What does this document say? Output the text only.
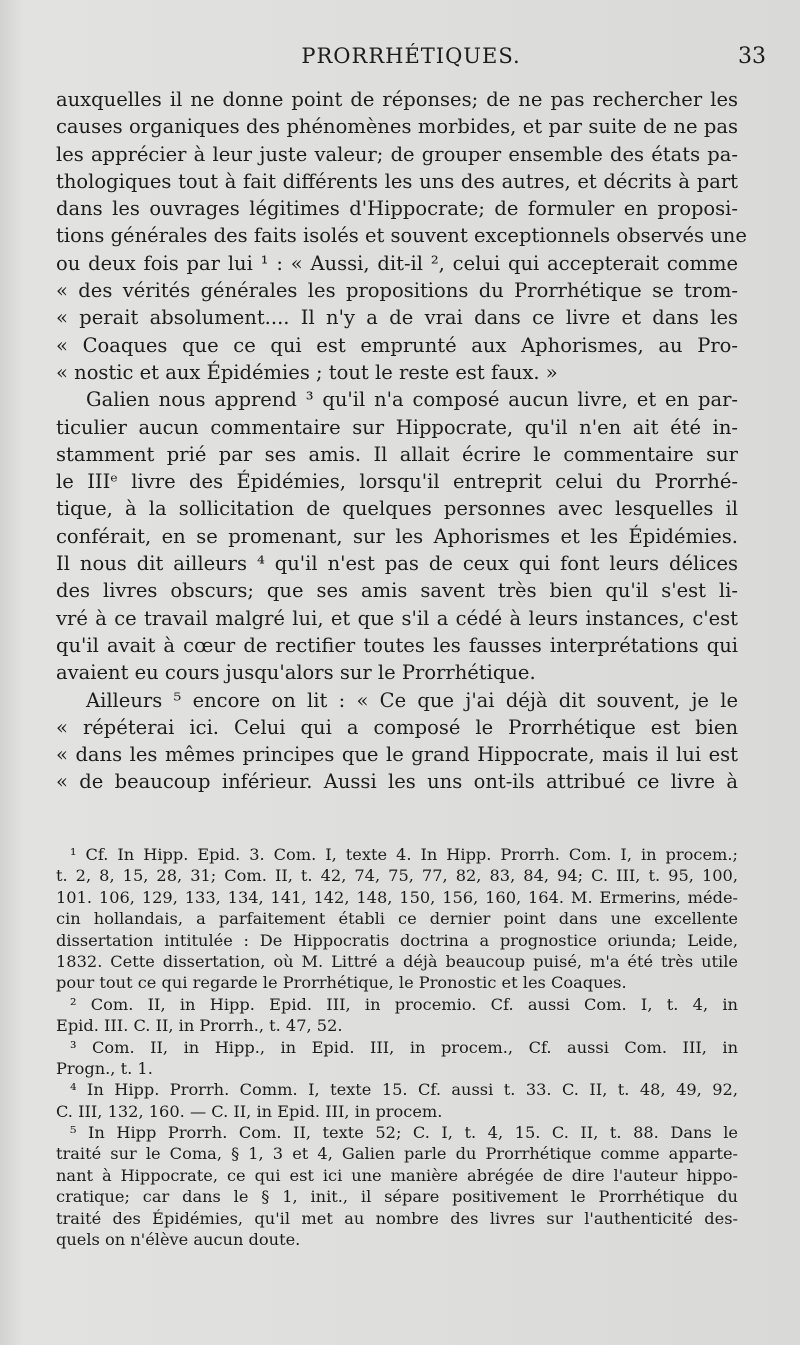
PRORRHÉTIQUES.	33
auxquelles il ne donne point de réponses; de ne pas rechercher les
causes organiques des phénomènes morbides, et par suite de ne pas
les apprécier à leur juste valeur; de grouper ensemble des états pa-
thologiques tout à fait différents les uns des autres, et décrits à part
dans les ouvrages légitimes d'Hippocrate; de formuler en proposi-
tions générales des faits isolés et souvent exceptionnels observés une
ou deux fois par lui ¹ : « Aussi, dit-il ², celui qui accepterait comme
« des vérités générales les propositions du Prorrhétique se trom-
« perait absolument.... Il n'y a de vrai dans ce livre et dans les
« Coaques que ce qui est emprunté aux Aphorismes, au Pro-
« nostic et aux Épidémies ; tout le reste est faux. »
Galien nous apprend ³ qu'il n'a composé aucun livre, et en par-
ticulier aucun commentaire sur Hippocrate, qu'il n'en ait été in-
stamment prié par ses amis. Il allait écrire le commentaire sur
le IIIᵉ livre des Épidémies, lorsqu'il entreprit celui du Prorrhé-
tique, à la sollicitation de quelques personnes avec lesquelles il
conférait, en se promenant, sur les Aphorismes et les Épidémies.
Il nous dit ailleurs ⁴ qu'il n'est pas de ceux qui font leurs délices
des livres obscurs; que ses amis savent très bien qu'il s'est li-
vré à ce travail malgré lui, et que s'il a cédé à leurs instances, c'est
qu'il avait à cœur de rectifier toutes les fausses interprétations qui
avaient eu cours jusqu'alors sur le Prorrhétique.
Ailleurs ⁵ encore on lit : « Ce que j'ai déjà dit souvent, je le
« répéterai ici. Celui qui a composé le Prorrhétique est bien
« dans les mêmes principes que le grand Hippocrate, mais il lui est
« de beaucoup inférieur. Aussi les uns ont-ils attribué ce livre à
¹ Cf. In Hipp. Epid. 3. Com. I, texte 4. In Hipp. Prorrh. Com. I, in procem.;
t. 2, 8, 15, 28, 31; Com. II, t. 42, 74, 75, 77, 82, 83, 84, 94; C. III, t. 95, 100,
101. 106, 129, 133, 134, 141, 142, 148, 150, 156, 160, 164. M. Ermerins, méde-
cin hollandais, a parfaitement établi ce dernier point dans une excellente
dissertation intitulée : De Hippocratis doctrina a prognostice oriunda; Leide,
1832. Cette dissertation, où M. Littré a déjà beaucoup puisé, m'a été très utile
pour tout ce qui regarde le Prorrhétique, le Pronostic et les Coaques.
² Com. II, in Hipp. Epid. III, in procemio. Cf. aussi Com. I, t. 4, in
Epid. III. C. II, in Prorrh., t. 47, 52.
³ Com. II, in Hipp., in Epid. III, in procem., Cf. aussi Com. III, in
Progn., t. 1.
⁴ In Hipp. Prorrh. Comm. I, texte 15. Cf. aussi t. 33. C. II, t. 48, 49, 92,
C. III, 132, 160. — C. II, in Epid. III, in procem.
⁵ In Hipp Prorrh. Com. II, texte 52; C. I, t. 4, 15. C. II, t. 88. Dans le
traité sur le Coma, § 1, 3 et 4, Galien parle du Prorrhétique comme apparte-
nant à Hippocrate, ce qui est ici une manière abrégée de dire l'auteur hippo-
cratique; car dans le § 1, init., il sépare positivement le Prorrhétique du
traité des Épidémies, qu'il met au nombre des livres sur l'authenticité des-
quels on n'élève aucun doute.
